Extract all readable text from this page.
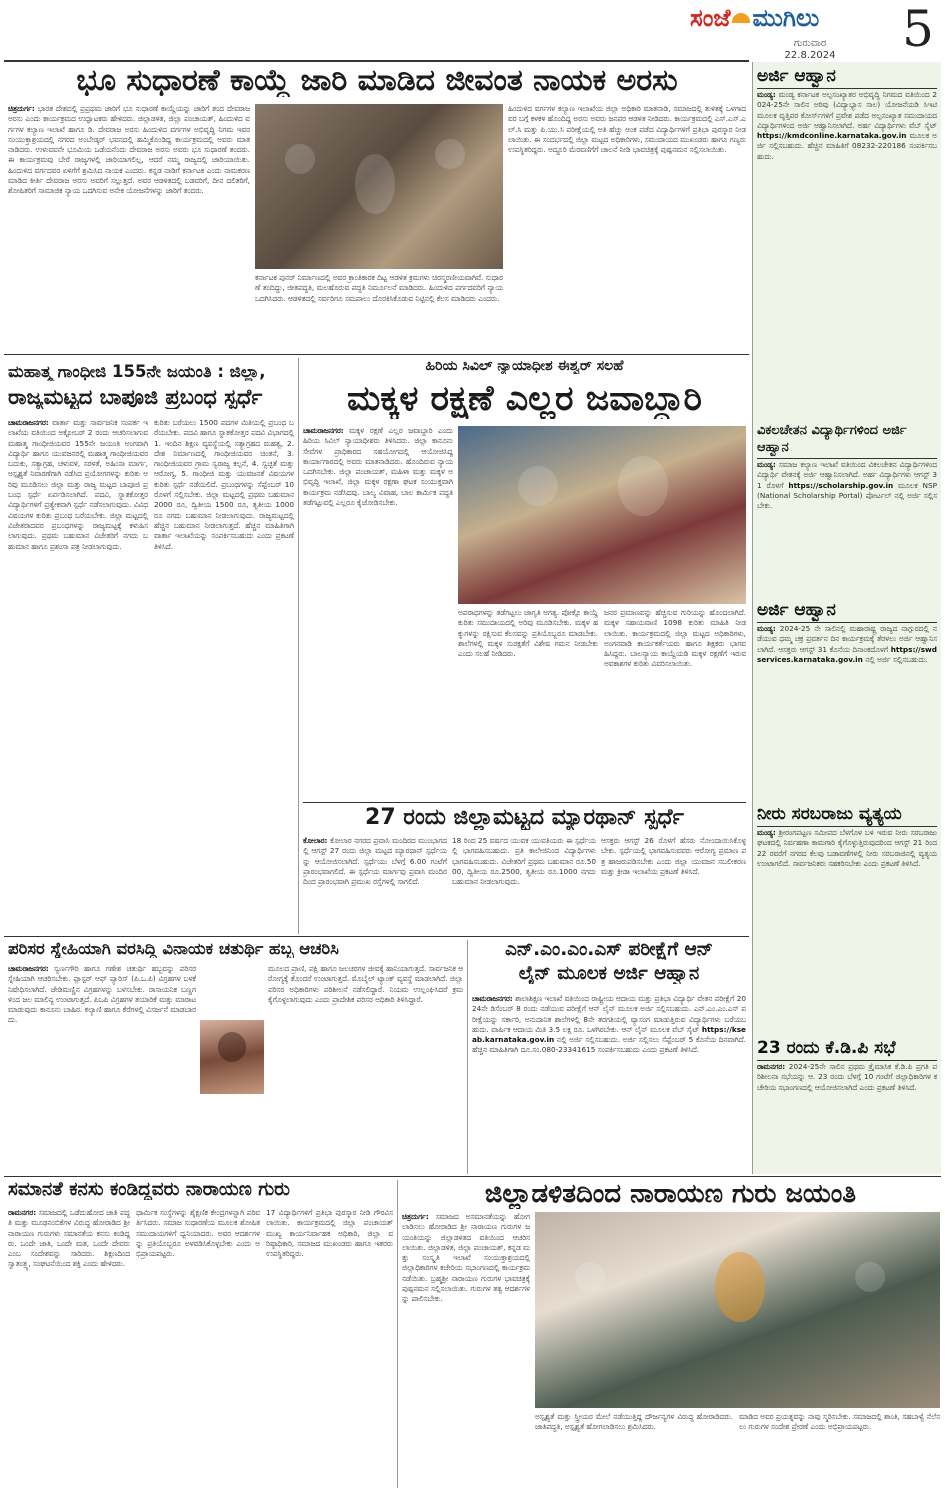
ಸಂಜೆ ಮುಗಿಲು
ಗುರುವಾರ
22.8.2024	5
ಭೂ ಸುಧಾರಣೆ ಕಾಯ್ದೆ ಜಾರಿ ಮಾಡಿದ ಜೀವಂತ ನಾಯಕ ಅರಸು
ಚಿತ್ರದುರ್ಗ: ಭಾರತ ದೇಶದಲ್ಲಿ ಪ್ರಪ್ರಥಮ ಜಾರಿಗೆ ಭೂ ಸುಧಾರಣೆ ಕಾಯ್ದೆಯನ್ನು ಜಾರಿಗೆ ತಂದ ದೇವರಾಜ ಅರಸು ಎಂದು ಕಾರ್ಯಕ್ರಮದ ಉದ್ಘಾಟಕರು ಹೇಳಿದರು. ಜಿಲ್ಲಾಡಳಿತ, ಜಿಲ್ಲಾ ಪಂಚಾಯತ್, ಹಿಂದುಳಿದ ವರ್ಗಗಳ ಕಲ್ಯಾಣ ಇಲಾಖೆ ಹಾಗೂ ಡಿ. ದೇವರಾಜ ಅರಸು ಹಿಂದುಳಿದ ವರ್ಗಗಳ ಅಭಿವೃದ್ಧಿ ನಿಗಮ ಇವರ ಸಂಯುಕ್ತಾಶ್ರಯದಲ್ಲಿ ನಗರದ ಅಂಬೇಡ್ಕರ್ ಭವನದಲ್ಲಿ ಹಮ್ಮಿಕೊಂಡಿದ್ದ ಕಾರ್ಯಕ್ರಮದಲ್ಲಿ ಅವರು ಮಾತನಾಡಿದರು. ಉಳುವವನೇ ಭೂಮಿಯ ಒಡೆಯನೆಂದು ದೇವರಾಜ ಅರಸು ಅವರು ಭೂ ಸುಧಾರಣೆ ತಂದರು. ಈ ಕಾರ್ಯಕ್ರಮವು ಬೇರೆ ರಾಜ್ಯಗಳಲ್ಲಿ ಜಾರಿಯಾಗಲಿಲ್ಲ, ಆದರೆ ನಮ್ಮ ರಾಜ್ಯದಲ್ಲಿ ಜಾರಿಯಾಯಿತು. ಹಿಂದುಳಿದ ವರ್ಗದವರ ಏಳಿಗೆಗೆ ಶ್ರಮಿಸಿದ ನಾಯಕ ಎಂದರು. ಕನ್ನಡ ನಾಡಿಗೆ ಕರ್ನಾಟಕ ಎಂದು ನಾಮಕರಣ ಮಾಡಿದ ಕೀರ್ತಿ ದೇವರಾಜ ಅರಸು ಅವರಿಗೆ ಸಲ್ಲುತ್ತದೆ. ಅವರ ಆಡಳಿತದಲ್ಲಿ ಬಡವರಿಗೆ, ದೀನ ದಲಿತರಿಗೆ, ಶೋಷಿತರಿಗೆ ಸಾಮಾಜಿಕ ನ್ಯಾಯ ಒದಗಿಸುವ ಅನೇಕ ಯೋಜನೆಗಳನ್ನು ಜಾರಿಗೆ ತಂದರು.
ಕರ್ನಾಟಕ ಪುನರ್ ನಿರ್ಮಾಣದಲ್ಲಿ ಅವರ ಕ್ರಾಂತಿಕಾರಕ ದಿಟ್ಟ ಆಡಳಿತ ಕ್ರಮಗಳು ಚಿರಸ್ಮರಣೀಯವಾಗಿವೆ. ಸುಧಾರಣೆ ತಂದಿದ್ದು, ಜೀತಪದ್ಧತಿ, ಮಲಹೊರುವ ಪದ್ಧತಿ ನಿರ್ಮೂಲನೆ ಮಾಡಿದರು. ಹಿಂದುಳಿದ ಪರ್ಗದವರಿಗೆ ನ್ಯಾಯ ಒದಗಿಸಿದರು. ಆಡಳಿತದಲ್ಲಿ ಸರ್ವರಿಗೂ ಸಮಪಾಲು ದೊರಕಿಸಿಕೊಡುವ ನಿಟ್ಟಿನಲ್ಲಿ ಕೆಲಸ ಮಾಡಿದರು ಎಂದರು.
ಹಿಂದುಳಿದ ವರ್ಗಗಳ ಕಲ್ಯಾಣ ಇಲಾಖೆಯ ಜಿಲ್ಲಾ ಅಧಿಕಾರಿ ಮಾತನಾಡಿ, ಸಮಾಜದಲ್ಲಿ ತುಳಿತಕ್ಕೆ ಒಳಗಾದವರ ಬಗ್ಗೆ ಕಳಕಳಿ ಹೊಂದಿದ್ದ ಅರಸು ಅವರು ಜನಪರ ಆಡಳಿತ ನೀಡಿದರು. ಕಾರ್ಯಕ್ರಮದಲ್ಲಿ ಎಸ್.ಎಸ್.ಎಲ್.ಸಿ ಮತ್ತು ಪಿ.ಯು.ಸಿ ಪರೀಕ್ಷೆಯಲ್ಲಿ ಅತಿ ಹೆಚ್ಚು ಅಂಕ ಪಡೆದ ವಿದ್ಯಾರ್ಥಿಗಳಿಗೆ ಪ್ರತಿಭಾ ಪುರಸ್ಕಾರ ನೀಡಲಾಯಿತು. ಈ ಸಂದರ್ಭದಲ್ಲಿ ಜಿಲ್ಲಾ ಮಟ್ಟದ ಅಧಿಕಾರಿಗಳು, ಸಮುದಾಯದ ಮುಖಂಡರು ಹಾಗೂ ಗಣ್ಯರು ಉಪಸ್ಥಿತರಿದ್ದರು. ಅದ್ದೂರಿ ಮೆರವಣಿಗೆಗೆ ಚಾಲನೆ ನೀಡಿ ಭಾವಚಿತ್ರಕ್ಕೆ ಪುಷ್ಪನಮನ ಸಲ್ಲಿಸಲಾಯಿತು.
ಮಹಾತ್ಮ ಗಾಂಧೀಜಿ 155ನೇ ಜಯಂತಿ : ಜಿಲ್ಲಾ,
ರಾಜ್ಯಮಟ್ಟದ ಬಾಪೂಜಿ ಪ್ರಬಂಧ ಸ್ಪರ್ಧೆ
ಚಾಮರಾಜನಗರ: ವಾರ್ತಾ ಮತ್ತು ಸಾರ್ವಜನಿಕ ಸಂಪರ್ಕ ಇಲಾಖೆಯ ವತಿಯಿಂದ ಅಕ್ಟೋಬರ್ 2 ರಂದು ಆಚರಿಸಲಾಗುವ ಮಹಾತ್ಮ ಗಾಂಧೀಜಿಯವರ 155ನೇ ಜಯಂತಿ ಅಂಗವಾಗಿ ವಿದ್ಯಾರ್ಥಿ ಹಾಗೂ ಯುವಜನರಲ್ಲಿ ಮಹಾತ್ಮ ಗಾಂಧೀಜಿಯವರ ಬದುಕು, ಸತ್ಯಾಗ್ರಹ, ಚಳುವಳಿ, ಸರಳತೆ, ಅಹಿಂಸಾ ಮಾರ್ಗ, ಅಸ್ಪೃಶ್ಯತೆ ನಿವಾರಣೆಗಾಗಿ ನಡೆಸಿದ ಪ್ರಯೋಗಗಳನ್ನು ಕುರಿತು ಅರಿವು ಮೂಡಿಸಲು ಜಿಲ್ಲಾ ಮತ್ತು ರಾಜ್ಯ ಮಟ್ಟದ ಬಾಪೂಜಿ ಪ್ರಬಂಧ ಸ್ಪರ್ಧೆ ಏರ್ಪಡಿಸಲಾಗಿದೆ. ಪದವಿ, ಸ್ನಾತಕೋತ್ತರ ವಿದ್ಯಾರ್ಥಿಗಳಿಗೆ ಪ್ರತ್ಯೇಕವಾಗಿ ಸ್ಪರ್ಧೆ ನಡೆಸಲಾಗುವುದು. ವಿವಿಧ ವಿಷಯಗಳ ಕುರಿತು ಪ್ರಬಂಧ ಬರೆಯಬೇಕು. ಜಿಲ್ಲಾ ಮಟ್ಟದಲ್ಲಿ ವಿಜೇತರಾದವರ ಪ್ರಬಂಧಗಳನ್ನು ರಾಜ್ಯಮಟ್ಟಕ್ಕೆ ಕಳುಹಿಸಲಾಗುವುದು. ಪ್ರಥಮ ಬಹುಮಾನ ವಿಜೇತರಿಗೆ ನಗದು ಬಹುಮಾನ ಹಾಗೂ ಪ್ರಶಂಸಾ ಪತ್ರ ನೀಡಲಾಗುವುದು.
ಕುರಿತು ಬರೆಯಲು 1500 ಪದಗಳ ಮಿತಿಯಲ್ಲಿ ಪ್ರಬಂಧ ಬರೆಯಬೇಕು. ಪದವಿ ಹಾಗೂ ಸ್ನಾತಕೋತ್ತರ ಪದವಿ ವಿಭಾಗದಲ್ಲಿ 1. ಇಂದಿನ ಶಿಕ್ಷಣ ವ್ಯವಸ್ಥೆಯಲ್ಲಿ ಸತ್ಯಾಗ್ರಹದ ಮಹತ್ವ, 2. ದೇಶ ನಿರ್ಮಾಣದಲ್ಲಿ ಗಾಂಧೀಜಿಯವರ ಚಿಂತನೆ, 3. ಗಾಂಧೀಜಿಯವರ ಗ್ರಾಮ ಸ್ವರಾಜ್ಯ ಕಲ್ಪನೆ, 4. ಸ್ವಚ್ಛತೆ ಮತ್ತು ಆರೋಗ್ಯ, 5. ಗಾಂಧೀಜಿ ಮತ್ತು ಯುವಜನತೆ ವಿಷಯಗಳ ಕುರಿತು ಸ್ಪರ್ಧೆ ನಡೆಯಲಿದೆ. ಪ್ರಬಂಧಗಳನ್ನು ಸೆಪ್ಟೆಂಬರ್ 10ರೊಳಗೆ ಸಲ್ಲಿಸಬೇಕು. ಜಿಲ್ಲಾ ಮಟ್ಟದಲ್ಲಿ ಪ್ರಥಮ ಬಹುಮಾನ 2000 ರೂ, ದ್ವಿತೀಯ 1500 ರೂ, ತೃತೀಯ 1000 ರೂ ನಗದು ಬಹುಮಾನ ನೀಡಲಾಗುವುದು. ರಾಜ್ಯಮಟ್ಟದಲ್ಲಿ ಹೆಚ್ಚಿನ ಬಹುಮಾನ ನೀಡಲಾಗುತ್ತದೆ. ಹೆಚ್ಚಿನ ಮಾಹಿತಿಗಾಗಿ ವಾರ್ತಾ ಇಲಾಖೆಯನ್ನು ಸಂಪರ್ಕಿಸಬಹುದು ಎಂದು ಪ್ರಕಟಣೆ ತಿಳಿಸಿದೆ.
ಹಿರಿಯ ಸಿವಿಲ್ ನ್ಯಾಯಾಧೀಶ ಈಶ್ವರ್ ಸಲಹೆ
ಮಕ್ಕಳ ರಕ್ಷಣೆ ಎಲ್ಲರ ಜವಾಬ್ದಾರಿ
ಚಾಮರಾಜನಗರ: ಮಕ್ಕಳ ರಕ್ಷಣೆ ಎಲ್ಲರ ಜವಾಬ್ದಾರಿ ಎಂದು ಹಿರಿಯ ಸಿವಿಲ್ ನ್ಯಾಯಾಧೀಶರು ತಿಳಿಸಿದರು. ಜಿಲ್ಲಾ ಕಾನೂನು ಸೇವೆಗಳ ಪ್ರಾಧಿಕಾರದ ಸಹಯೋಗದಲ್ಲಿ ಆಯೋಜಿಸಿದ್ದ ಕಾರ್ಯಾಗಾರದಲ್ಲಿ ಅವರು ಮಾತನಾಡಿದರು. ಹೊಂದಿರುವ ನ್ಯಾಯ ಒದಗಿಸಬೇಕು. ಜಿಲ್ಲಾ ಪಂಚಾಯತ್, ಮಹಿಳಾ ಮತ್ತು ಮಕ್ಕಳ ಅಭಿವೃದ್ಧಿ ಇಲಾಖೆ, ಜಿಲ್ಲಾ ಮಕ್ಕಳ ರಕ್ಷಣಾ ಘಟಕ ಸಂಯುಕ್ತವಾಗಿ ಕಾರ್ಯಕ್ರಮ ನಡೆಸಿದವು. ಬಾಲ್ಯ ವಿವಾಹ, ಬಾಲ ಕಾರ್ಮಿಕ ಪದ್ಧತಿ ತಡೆಗಟ್ಟುವಲ್ಲಿ ಎಲ್ಲರೂ ಕೈಜೋಡಿಸಬೇಕು.
ಅಪರಾಧಗಳನ್ನು ತಡೆಗಟ್ಟಲು ಜಾಗೃತಿ ಅಗತ್ಯ. ಪೋಕ್ಸೊ ಕಾಯ್ದೆ ಕುರಿತು ಸಮುದಾಯದಲ್ಲಿ ಅರಿವು ಮೂಡಿಸಬೇಕು. ಮಕ್ಕಳ ಹಕ್ಕುಗಳನ್ನು ರಕ್ಷಿಸುವ ಕೆಲಸವನ್ನು ಪ್ರತಿಯೊಬ್ಬರೂ ಮಾಡಬೇಕು. ಶಾಲೆಗಳಲ್ಲಿ ಮಕ್ಕಳ ಸುರಕ್ಷತೆಗೆ ವಿಶೇಷ ಗಮನ ನೀಡಬೇಕು ಎಂದು ಸಲಹೆ ನೀಡಿದರು.
ಜನರ ಪ್ರಮಾಣವನ್ನು ಹೆಚ್ಚಿಸುವ ಗುರಿಯನ್ನು ಹೊಂದಲಾಗಿದೆ. ಮಕ್ಕಳ ಸಹಾಯವಾಣಿ 1098 ಕುರಿತು ಮಾಹಿತಿ ನೀಡಲಾಯಿತು. ಕಾರ್ಯಕ್ರಮದಲ್ಲಿ ಜಿಲ್ಲಾ ಮಟ್ಟದ ಅಧಿಕಾರಿಗಳು, ಅಂಗನವಾಡಿ ಕಾರ್ಯಕರ್ತೆಯರು ಹಾಗೂ ಶಿಕ್ಷಕರು ಭಾಗವಹಿಸಿದ್ದರು. ಬಾಲನ್ಯಾಯ ಕಾಯ್ದೆಯಡಿ ಮಕ್ಕಳ ರಕ್ಷಣೆಗೆ ಇರುವ ಅವಕಾಶಗಳ ಕುರಿತು ವಿವರಿಸಲಾಯಿತು.
27 ರಂದು ಜಿಲ್ಲಾಮಟ್ಟದ ಮ್ಯಾರಥಾನ್ ಸ್ಪರ್ಧೆ
ಕೋಲಾರ: ಕೋಲಾರ ನಗರದ ಪ್ರವಾಸಿ ಮಂದಿರದ ಮುಂಭಾಗದಲ್ಲಿ ಆಗಸ್ಟ್ 27 ರಂದು ಜಿಲ್ಲಾ ಮಟ್ಟದ ಮ್ಯಾರಥಾನ್ ಸ್ಪರ್ಧೆಯನ್ನು ಆಯೋಜಿಸಲಾಗಿದೆ. ಸ್ಪರ್ಧೆಯು ಬೆಳಗ್ಗೆ 6.00 ಗಂಟೆಗೆ ಪ್ರಾರಂಭವಾಗಲಿದೆ. ಈ ಸ್ಪರ್ಧೆಯ ಮಾರ್ಗವು ಪ್ರವಾಸಿ ಮಂದಿರದಿಂದ ಪ್ರಾರಂಭವಾಗಿ ಪ್ರಮುಖ ರಸ್ತೆಗಳಲ್ಲಿ ಸಾಗಲಿದೆ.
18 ರಿಂದ 25 ವರ್ಷದ ಯುವಕ ಯುವತಿಯರು ಈ ಸ್ಪರ್ಧೆಯಲ್ಲಿ ಭಾಗವಹಿಸಬಹುದು. ಪ್ರತಿ ಕಾಲೇಜಿನಿಂದ ವಿದ್ಯಾರ್ಥಿಗಳು ಭಾಗವಹಿಸಬಹುದು. ವಿಜೇತರಿಗೆ ಪ್ರಥಮ ಬಹುಮಾನ ರೂ.5000, ದ್ವಿತೀಯ ರೂ.2500, ತೃತೀಯ ರೂ.1000 ನಗದು ಬಹುಮಾನ ನೀಡಲಾಗುವುದು.
ಆಸಕ್ತರು ಆಗಸ್ಟ್ 26 ರೊಳಗೆ ಹೆಸರು ನೋಂದಾಯಿಸಿಕೊಳ್ಳಬೇಕು. ಸ್ಪರ್ಧೆಯಲ್ಲಿ ಭಾಗವಹಿಸುವವರು ಆರೋಗ್ಯ ಪ್ರಮಾಣ ಪತ್ರ ಹಾಜರುಪಡಿಸಬೇಕು ಎಂದು ಜಿಲ್ಲಾ ಯುವಜನ ಸಬಲೀಕರಣ ಮತ್ತು ಕ್ರೀಡಾ ಇಲಾಖೆಯ ಪ್ರಕಟಣೆ ತಿಳಿಸಿದೆ.
ಪರಿಸರ ಸ್ನೇಹಿಯಾಗಿ ವರಸಿದ್ಧಿ ವಿನಾಯಕ ಚತುರ್ಥಿ ಹಬ್ಬ ಆಚರಿಸಿ
ಚಾಮರಾಜನಗರ: ಸ್ವರ್ಣಗೌರಿ ಹಾಗೂ ಗಣೇಶ ಚತುರ್ಥಿ ಹಬ್ಬವನ್ನು ಪರಿಸರ ಸ್ನೇಹಿಯಾಗಿ ಆಚರಿಸಬೇಕು. ಪ್ಲಾಸ್ಟರ್ ಆಫ್ ಪ್ಯಾರಿಸ್ (ಪಿ.ಒ.ಪಿ) ವಿಗ್ರಹಗಳ ಬಳಕೆ ನಿಷೇಧಿಸಲಾಗಿದೆ. ಜೇಡಿಮಣ್ಣಿನ ವಿಗ್ರಹಗಳನ್ನು ಬಳಸಬೇಕು. ರಾಸಾಯನಿಕ ಬಣ್ಣಗಳಿಂದ ಜಲ ಮಾಲಿನ್ಯ ಉಂಟಾಗುತ್ತದೆ. ಪಿಒಪಿ ವಿಗ್ರಹಗಳ ತಯಾರಿಕೆ ಮತ್ತು ಮಾರಾಟ ಮಾಡುವುದು ಕಾನೂನು ಬಾಹಿರ. ಕಲ್ಯಾಣಿ ಹಾಗೂ ಕೆರೆಗಳಲ್ಲಿ ವಿಸರ್ಜನೆ ಮಾಡಬಾರದು.
ಮೂಲದ ಪ್ರಾಣಿ, ಪಕ್ಷಿ ಹಾಗೂ ಜಲಚರಗಳ ಜೀವಕ್ಕೆ ಹಾನಿಯಾಗುತ್ತದೆ. ಸಾರ್ವಜನಿಕ ಆರೋಗ್ಯಕ್ಕೆ ತೊಂದರೆ ಉಂಟಾಗುತ್ತದೆ. ಮೊಬೈಲ್ ಟ್ಯಾಂಕ್ ವ್ಯವಸ್ಥೆ ಮಾಡಲಾಗಿದೆ. ಜಿಲ್ಲಾ ಪರಿಸರ ಅಧಿಕಾರಿಗಳು ಪರಿಶೀಲನೆ ನಡೆಸಲಿದ್ದಾರೆ. ನಿಯಮ ಉಲ್ಲಂಘಿಸಿದರೆ ಕ್ರಮ ಕೈಗೊಳ್ಳಲಾಗುವುದು ಎಂದು ಪ್ರಾದೇಶಿಕ ಪರಿಸರ ಅಧಿಕಾರಿ ತಿಳಿಸಿದ್ದಾರೆ.
ಎನ್.ಎಂ.ಎಂ.ಎಸ್ ಪರೀಕ್ಷೆಗೆ ಆನ್
ಲೈನ್ ಮೂಲಕ ಅರ್ಜಿ ಆಹ್ವಾನ
ಚಾಮರಾಜನಗರ: ಶಾಲಾಶಿಕ್ಷಣ ಇಲಾಖೆ ವತಿಯಿಂದ ರಾಷ್ಟ್ರೀಯ ಆದಾಯ ಮತ್ತು ಪ್ರತಿಭಾ ವಿದ್ಯಾರ್ಥಿ ವೇತನ ಪರೀಕ್ಷೆಗೆ 2024ನೇ ಡಿಸೆಂಬರ್ 8 ರಂದು ನಡೆಯುವ ಪರೀಕ್ಷೆಗೆ ಆನ್ ಲೈನ್ ಮೂಲಕ ಅರ್ಜಿ ಸಲ್ಲಿಸಬಹುದು. ಎನ್.ಎಂ.ಎಂ.ಎಸ್ ಪರೀಕ್ಷೆಯನ್ನು ಸರ್ಕಾರಿ, ಅನುದಾನಿತ ಶಾಲೆಗಳಲ್ಲಿ 8ನೇ ತರಗತಿಯಲ್ಲಿ ವ್ಯಾಸಂಗ ಮಾಡುತ್ತಿರುವ ವಿದ್ಯಾರ್ಥಿಗಳು ಬರೆಯಬಹುದು. ವಾರ್ಷಿಕ ಆದಾಯ ಮಿತಿ 3.5 ಲಕ್ಷ ರೂ. ಒಳಗಿರಬೇಕು. ಆನ್ ಲೈನ್ ಮೂಲಕ ವೆಬ್ ಸೈಟ್ https://kseab.karnataka.gov.in ನಲ್ಲಿ ಅರ್ಜಿ ಸಲ್ಲಿಸಬಹುದು. ಅರ್ಜಿ ಸಲ್ಲಿಸಲು ಸೆಪ್ಟೆಂಬರ್ 5 ಕೊನೆಯ ದಿನವಾಗಿದೆ. ಹೆಚ್ಚಿನ ಮಾಹಿತಿಗಾಗಿ ದೂ.ಸಂ.080-23341615 ಸಂಪರ್ಕಿಸಬಹುದು ಎಂದು ಪ್ರಕಟಣೆ ತಿಳಿಸಿದೆ.
ಸಮಾನತೆ ಕನಸು ಕಂಡಿದ್ದವರು ನಾರಾಯಣ ಗುರು
ರಾಮನಗರ: ಸಮಾಜದಲ್ಲಿ ಒಡೆದುಹೋದ ಜಾತಿ ಪದ್ಧತಿ ಮತ್ತು ಮೂಢನಂಬಿಕೆಗಳ ವಿರುದ್ಧ ಹೋರಾಡಿದ ಶ್ರೀ ನಾರಾಯಣ ಗುರುಗಳು ಸಮಾನತೆಯ ಕನಸು ಕಂಡಿದ್ದರು. ಒಂದೇ ಜಾತಿ, ಒಂದೇ ಮತ, ಒಂದೇ ದೇವರು ಎಂಬ ಸಂದೇಶವನ್ನು ಸಾರಿದರು. ಶಿಕ್ಷಣದಿಂದ ಸ್ವಾತಂತ್ರ್ಯ, ಸಂಘಟನೆಯಿಂದ ಶಕ್ತಿ ಎಂದು ಹೇಳಿದರು.
ಧಾರ್ಮಿಕ ಸಂಸ್ಥೆಗಳನ್ನು ಶೈಕ್ಷಣಿಕ ಕೇಂದ್ರಗಳನ್ನಾಗಿ ಪರಿವರ್ತಿಸಿದರು. ಸಮಾಜ ಸುಧಾರಣೆಯ ಮೂಲಕ ಶೋಷಿತ ಸಮುದಾಯಗಳಿಗೆ ಧ್ವನಿಯಾದರು. ಅವರ ಆದರ್ಶಗಳನ್ನು ಪ್ರತಿಯೊಬ್ಬರೂ ಅಳವಡಿಸಿಕೊಳ್ಳಬೇಕು ಎಂದು ಅಭಿಪ್ರಾಯಪಟ್ಟರು.
17 ವಿದ್ಯಾರ್ಥಿಗಳಿಗೆ ಪ್ರತಿಭಾ ಪುರಸ್ಕಾರ ನೀಡಿ ಗೌರವಿಸಲಾಯಿತು. ಕಾರ್ಯಕ್ರಮದಲ್ಲಿ ಜಿಲ್ಲಾ ಪಂಚಾಯತ್ ಮುಖ್ಯ ಕಾರ್ಯನಿರ್ವಾಹಕ ಅಧಿಕಾರಿ, ಜಿಲ್ಲಾ ವರಿಷ್ಠಾಧಿಕಾರಿ, ಸಮಾಜದ ಮುಖಂಡರು ಹಾಗೂ ಇತರರು ಉಪಸ್ಥಿತರಿದ್ದರು.
ಜಿಲ್ಲಾಡಳಿತದಿಂದ ನಾರಾಯಣ ಗುರು ಜಯಂತಿ
ಚಿತ್ರದುರ್ಗ: ಸಮಾಜದ ಅಸಮಾನತೆಯನ್ನು ಹೋಗಲಾಡಿಸಲು ಹೋರಾಡಿದ ಶ್ರೀ ನಾರಾಯಣ ಗುರುಗಳ ಜಯಂತಿಯನ್ನು ಜಿಲ್ಲಾಡಳಿತದ ವತಿಯಿಂದ ಆಚರಿಸಲಾಯಿತು. ಜಿಲ್ಲಾಡಳಿತ, ಜಿಲ್ಲಾ ಪಂಚಾಯತ್, ಕನ್ನಡ ಮತ್ತು ಸಂಸ್ಕೃತಿ ಇಲಾಖೆ ಸಂಯುಕ್ತಾಶ್ರಯದಲ್ಲಿ ಜಿಲ್ಲಾಧಿಕಾರಿಗಳ ಕಚೇರಿಯ ಸಭಾಂಗಣದಲ್ಲಿ ಕಾರ್ಯಕ್ರಮ ನಡೆಯಿತು. ಬ್ರಹ್ಮಶ್ರೀ ನಾರಾಯಣ ಗುರುಗಳ ಭಾವಚಿತ್ರಕ್ಕೆ ಪುಷ್ಪನಮನ ಸಲ್ಲಿಸಲಾಯಿತು. ಗುರುಗಳ ತತ್ವ ಆದರ್ಶಗಳನ್ನು ಪಾಲಿಸಬೇಕು.
ಅಸ್ಪೃಶ್ಯತೆ ಮತ್ತು ಸ್ತ್ರೀಯರ ಮೇಲೆ ನಡೆಯುತ್ತಿದ್ದ ದೌರ್ಜನ್ಯಗಳ ವಿರುದ್ಧ ಹೋರಾಡಿದರು. ಜಾತಿಪದ್ಧತಿ, ಅಸ್ಪೃಶ್ಯತೆ ಹೋಗಲಾಡಿಸಲು ಶ್ರಮಿಸಿದರು.
ಮಾಡಿದ ಅವರ ಪ್ರಯತ್ನವನ್ನು ನಾವು ಸ್ಮರಿಸಬೇಕು. ಸಮಾಜದಲ್ಲಿ ಶಾಂತಿ, ಸಹಬಾಳ್ವೆ ನೆಲೆಸಲು ಗುರುಗಳ ಸಂದೇಶ ಪ್ರೇರಣೆ ಎಂದು ಅಭಿಪ್ರಾಯಪಟ್ಟರು.
ಅರ್ಜಿ ಆಹ್ವಾನ
ಮಂಡ್ಯ: ಮಂಡ್ಯ ಕರ್ನಾಟಕ ಅಲ್ಪಸಂಖ್ಯಾತರ ಅಭಿವೃದ್ಧಿ ನಿಗಮದ ವತಿಯಿಂದ 2024-25ನೇ ಸಾಲಿನ ಅರಿವು (ವಿದ್ಯಾಭ್ಯಾಸ ಸಾಲ) ಯೋಜನೆಯಡಿ ಸಿಇಟಿ ಮೂಲಕ ವೃತ್ತಿಪರ ಕೋರ್ಸ್‌ಗಳಿಗೆ ಪ್ರವೇಶ ಪಡೆದ ಅಲ್ಪಸಂಖ್ಯಾತ ಸಮುದಾಯದ ವಿದ್ಯಾರ್ಥಿಗಳಿಂದ ಅರ್ಜಿ ಆಹ್ವಾನಿಸಲಾಗಿದೆ. ಅರ್ಹ ವಿದ್ಯಾರ್ಥಿಗಳು ವೆಬ್ ಸೈಟ್ https://kmdconline.karnataka.gov.in ಮೂಲಕ ಅರ್ಜಿ ಸಲ್ಲಿಸಬಹುದು. ಹೆಚ್ಚಿನ ಮಾಹಿತಿಗೆ 08232-220186 ಸಂಪರ್ಕಿಸಬಹುದು.
ವಿಕಲಚೇತನ ವಿದ್ಯಾರ್ಥಿಗಳಿಂದ ಅರ್ಜಿ ಆಹ್ವಾನ
ಮಂಡ್ಯ: ಸಮಾಜ ಕಲ್ಯಾಣ ಇಲಾಖೆ ವತಿಯಿಂದ ವಿಕಲಚೇತನ ವಿದ್ಯಾರ್ಥಿಗಳಿಂದ ವಿದ್ಯಾರ್ಥಿ ವೇತನಕ್ಕೆ ಅರ್ಜಿ ಆಹ್ವಾನಿಸಲಾಗಿದೆ. ಅರ್ಹ ವಿದ್ಯಾರ್ಥಿಗಳು ಆಗಸ್ಟ್ 31 ರೊಳಗೆ https://scholarship.gov.in ಮೂಲಕ NSP (National Scholarship Portal) ಪೋರ್ಟಲ್ ನಲ್ಲಿ ಅರ್ಜಿ ಸಲ್ಲಿಸಬೇಕು.
ಅರ್ಜಿ ಆಹ್ವಾನ
ಮಂಡ್ಯ: 2024-25 ನೇ ಸಾಲಿನಲ್ಲಿ ಮಹಾರಾಷ್ಟ್ರ ರಾಜ್ಯದ ನಾಗ್ಪುರದಲ್ಲಿ ನಡೆಯುವ ಧಮ್ಮ ಚಕ್ರ ಪ್ರವರ್ತನ ದಿನ ಕಾರ್ಯಕ್ರಮಕ್ಕೆ ತೆರಳಲು ಅರ್ಜಿ ಆಹ್ವಾನಿಸಲಾಗಿದೆ. ಆಸಕ್ತರು ಆಗಸ್ಟ್ 31 ಕೊನೆಯ ದಿನಾಂಕದೊಳಗೆ https://swdservices.karnataka.gov.in ನಲ್ಲಿ ಅರ್ಜಿ ಸಲ್ಲಿಸಬಹುದು.
ನೀರು ಸರಬರಾಜು ವ್ಯತ್ಯಯ
ಮಂಡ್ಯ: ಶ್ರೀರಂಗಪಟ್ಟಣ ಸಮೀಪದ ಬೆಳಗೊಳ ಬಳಿ ಇರುವ ನೀರು ಸರಬರಾಜು ಘಟಕದಲ್ಲಿ ನಿರ್ವಹಣಾ ಕಾಮಗಾರಿ ಕೈಗೊಳ್ಳುತ್ತಿರುವುದರಿಂದ ಆಗಸ್ಟ್ 21 ರಿಂದ 22 ರವರೆಗೆ ನಗರದ ಕೆಲವು ಬಡಾವಣೆಗಳಲ್ಲಿ ನೀರು ಸರಬರಾಜಿನಲ್ಲಿ ವ್ಯತ್ಯಯ ಉಂಟಾಗಲಿದೆ. ಸಾರ್ವಜನಿಕರು ಸಹಕರಿಸಬೇಕು ಎಂದು ಪ್ರಕಟಣೆ ತಿಳಿಸಿದೆ.
23 ರಂದು ಕೆ.ಡಿ.ಪಿ ಸಭೆ
ರಾಮನಗರ: 2024-25ನೇ ಸಾಲಿನ ಪ್ರಥಮ ತ್ರೈಮಾಸಿಕ ಕೆ.ಡಿ.ಪಿ ಪ್ರಗತಿ ಪರಿಶೀಲನಾ ಸಭೆಯನ್ನು ಆ. 23 ರಂದು ಬೆಳಗ್ಗೆ 10 ಗಂಟೆಗೆ ಜಿಲ್ಲಾಧಿಕಾರಿಗಳ ಕಚೇರಿಯ ಸಭಾಂಗಣದಲ್ಲಿ ಆಯೋಜಿಸಲಾಗಿದೆ ಎಂದು ಪ್ರಕಟಣೆ ತಿಳಿಸಿದೆ.
